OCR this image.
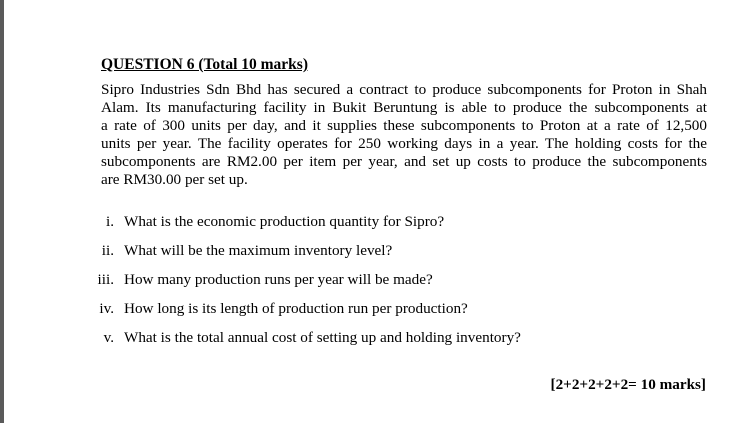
QUESTION 6 (Total 10 marks)
Sipro Industries Sdn Bhd has secured a contract to produce subcomponents for Proton in Shah
Alam. Its manufacturing facility in Bukit Beruntung is able to produce the subcomponents at
a rate of 300 units per day, and it supplies these subcomponents to Proton at a rate of 12,500
units per year. The facility operates for 250 working days in a year. The holding costs for the
subcomponents are RM2.00 per item per year, and set up costs to produce the subcomponents
are RM30.00 per set up.
i. What is the economic production quantity for Sipro?
ii. What will be the maximum inventory level?
iii. How many production runs per year will be made?
iv. How long is its length of production run per production?
v. What is the total annual cost of setting up and holding inventory?
[2+2+2+2+2= 10 marks]
